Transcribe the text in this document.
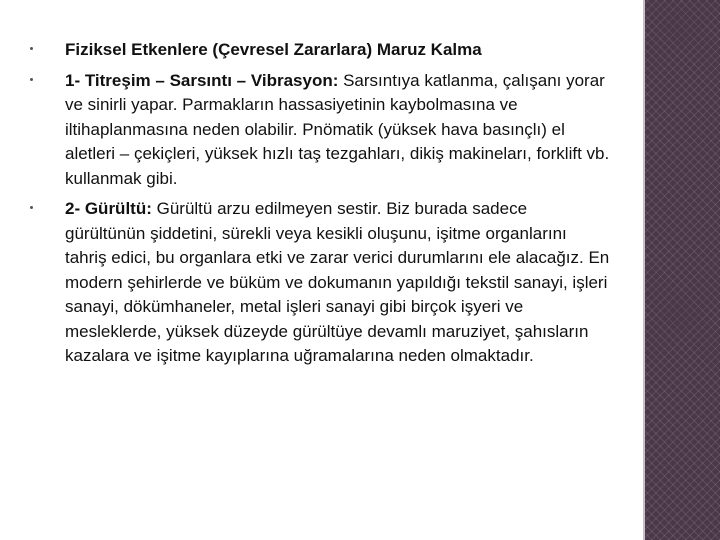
Fiziksel Etkenlere (Çevresel Zararlara) Maruz Kalma
1- Titreşim – Sarsıntı – Vibrasyon: Sarsıntıya katlanma, çalışanı yorar ve sinirli yapar. Parmakların hassasiyetinin kaybolmasına ve iltihaplanmasına neden olabilir. Pnömatik (yüksek hava basınçlı) el aletleri – çekiçleri, yüksek hızlı taş tezgahları, dikiş makineları, forklift vb. kullanmak gibi.
2- Gürültü: Gürültü arzu edilmeyen sestir. Biz burada sadece gürültünün şiddetini, sürekli veya kesikli oluşunu, işitme organlarını tahriş edici, bu organlara etki ve zarar verici durumlarını ele alacağız. En modern şehirlerde ve büküm ve dokumanın yapıldığı tekstil sanayi, işleri sanayi, dökümhaneler, metal işleri sanayi gibi birçok işyeri ve mesleklerde, yüksek düzeyde gürültüye devamlı maruziyet, şahısların kazalara ve işitme kayıplarına uğramalarına neden olmaktadır.
